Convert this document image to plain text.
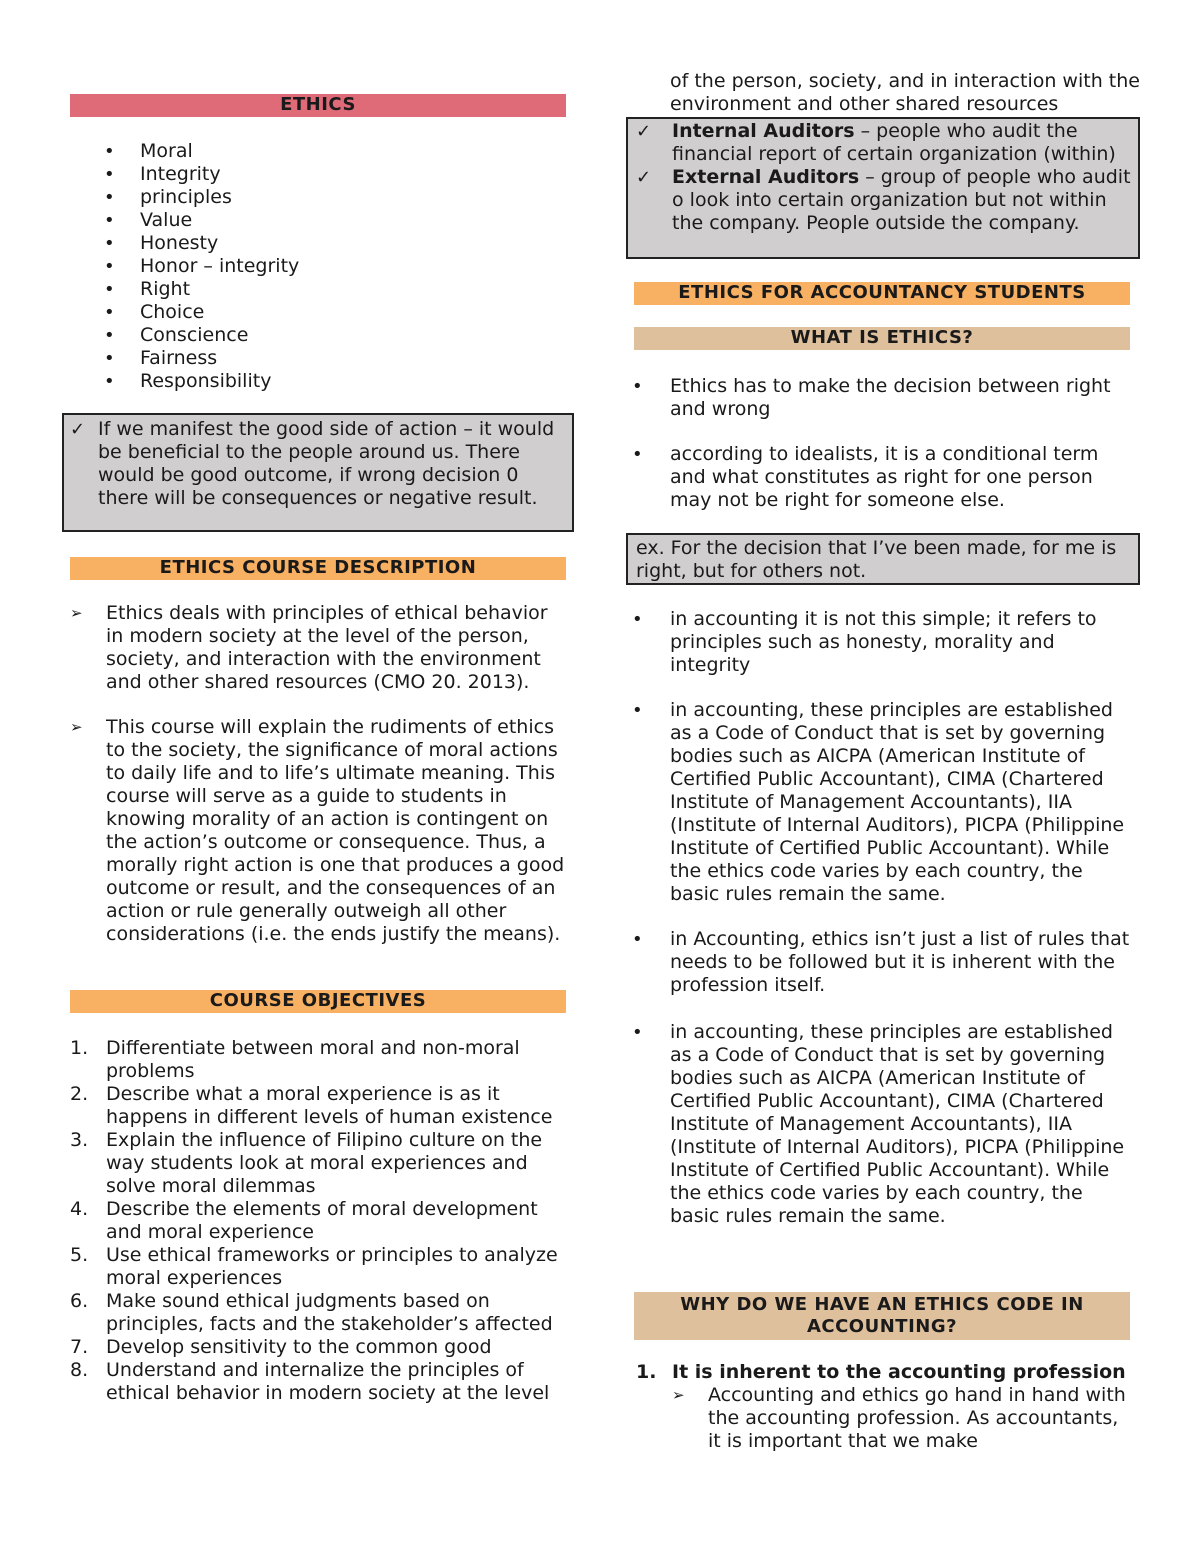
ETHICS
• Moral
• Integrity
• principles
• Value
• Honesty
• Honor – integrity
• Right
• Choice
• Conscience
• Fairness
• Responsibility
✓ If we manifest the good side of action – it would be beneficial to the people around us. There would be good outcome, if wrong decision 0 there will be consequences or negative result.
ETHICS COURSE DESCRIPTION
➢ Ethics deals with principles of ethical behavior in modern society at the level of the person, society, and interaction with the environment and other shared resources (CMO 20. 2013).
➢ This course will explain the rudiments of ethics to the society, the significance of moral actions to daily life and to life’s ultimate meaning. This course will serve as a guide to students in knowing morality of an action is contingent on the action’s outcome or consequence. Thus, a morally right action is one that produces a good outcome or result, and the consequences of an action or rule generally outweigh all other considerations (i.e. the ends justify the means).
COURSE OBJECTIVES
1. Differentiate between moral and non-moral problems
2. Describe what a moral experience is as it happens in different levels of human existence
3. Explain the influence of Filipino culture on the way students look at moral experiences and solve moral dilemmas
4. Describe the elements of moral development and moral experience
5. Use ethical frameworks or principles to analyze moral experiences
6. Make sound ethical judgments based on principles, facts and the stakeholder’s affected
7. Develop sensitivity to the common good
8. Understand and internalize the principles of ethical behavior in modern society at the level
of the person, society, and in interaction with the environment and other shared resources
✓ Internal Auditors – people who audit the financial report of certain organization (within)
✓ External Auditors – group of people who audit o look into certain organization but not within the company. People outside the company.
ETHICS FOR ACCOUNTANCY STUDENTS
WHAT IS ETHICS?
• Ethics has to make the decision between right and wrong
• according to idealists, it is a conditional term and what constitutes as right for one person may not be right for someone else.
ex. For the decision that I’ve been made, for me is right, but for others not.
• in accounting it is not this simple; it refers to principles such as honesty, morality and integrity
• in accounting, these principles are established as a Code of Conduct that is set by governing bodies such as AICPA (American Institute of Certified Public Accountant), CIMA (Chartered Institute of Management Accountants), IIA (Institute of Internal Auditors), PICPA (Philippine Institute of Certified Public Accountant). While the ethics code varies by each country, the basic rules remain the same.
• in Accounting, ethics isn’t just a list of rules that needs to be followed but it is inherent with the profession itself.
• in accounting, these principles are established as a Code of Conduct that is set by governing bodies such as AICPA (American Institute of Certified Public Accountant), CIMA (Chartered Institute of Management Accountants), IIA (Institute of Internal Auditors), PICPA (Philippine Institute of Certified Public Accountant). While the ethics code varies by each country, the basic rules remain the same.
WHY DO WE HAVE AN ETHICS CODE IN ACCOUNTING?
1. It is inherent to the accounting profession
➢ Accounting and ethics go hand in hand with the accounting profession. As accountants, it is important that we make
